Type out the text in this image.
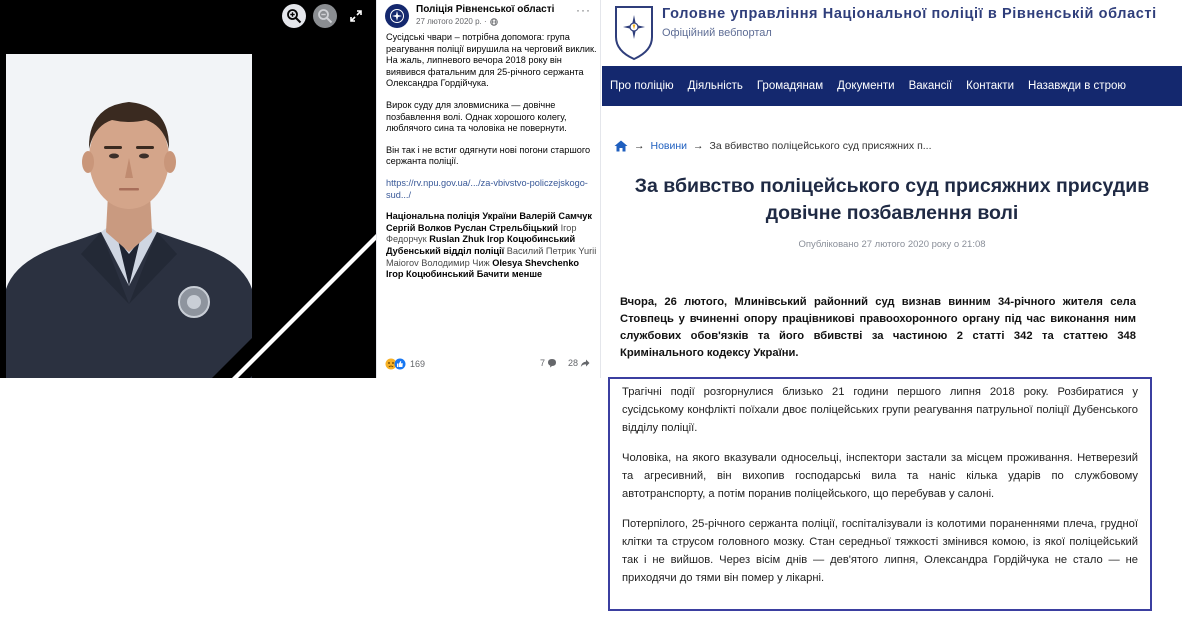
Поліція Рівненської області
27 лютого 2020 р. ·
···

Сусідські чвари – потрібна допомога: група реагування поліції вирушила на черговий виклик. На жаль, липневого вечора 2018 року він виявився фатальним для 25-річного сержанта Олександра Гордійчука.

Вирок суду для зловмисника — довічне позбавлення волі. Однак хорошого колегу, люблячого сина та чоловіка не повернути.

Він так і не встиг одягнути нові погони старшого сержанта поліції.

https://rv.npu.gov.ua/.../za-vbivstvo-policzejskogo-sud.../

Національна поліція України Валерій Самчук Сергій Волков Руслан Стрельбіцький Ігор Федорчук Ruslan Zhuk Ігор Коцюбинський Дубенський відділ поліції Василий Петрик Yurii Maiorov Володимир Чиж Olesya Shevchenko Ігор Коцюбинський Бачити менше

169	7	28
Головне управління Національної поліції в Рівненській області
Офіційний вебпортал
Про поліцію	Діяльність	Громадянам	Документи	Вакансії	Контакти	Назавжди в строю
→ Новини → За вбивство поліцейського суд присяжних п...
За вбивство поліцейського суд присяжних присудив довічне позбавлення волі
Опубліковано 27 лютого 2020 року о 21:08
Вчора, 26 лютого, Млинівський районний суд визнав винним 34-річного жителя села Стовпець у вчиненні опору працівникові правоохоронного органу під час виконання ним службових обов'язків та його вбивстві за частиною 2 статті 342 та статтею 348 Кримінального кодексу України.

Трагічні події розгорнулися близько 21 години першого липня 2018 року. Розбиратися у сусідському конфлікті поїхали двоє поліцейських групи реагування патрульної поліції Дубенського відділу поліції.

Чоловіка, на якого вказували односельці, інспектори застали за місцем проживання. Нетверезий та агресивний, він вихопив господарські вила та наніс кілька ударів по службовому автотранспорту, а потім поранив поліцейського, що перебував у салоні.

Потерпілого, 25-річного сержанта поліції, госпіталізували із колотими пораненнями плеча, грудної клітки та струсом головного мозку. Стан середньої тяжкості змінився комою, із якої поліцейський так і не вийшов. Через вісім днів — дев'ятого липня, Олександра Гордійчука не стало — не приходячи до тями він помер у лікарні.
